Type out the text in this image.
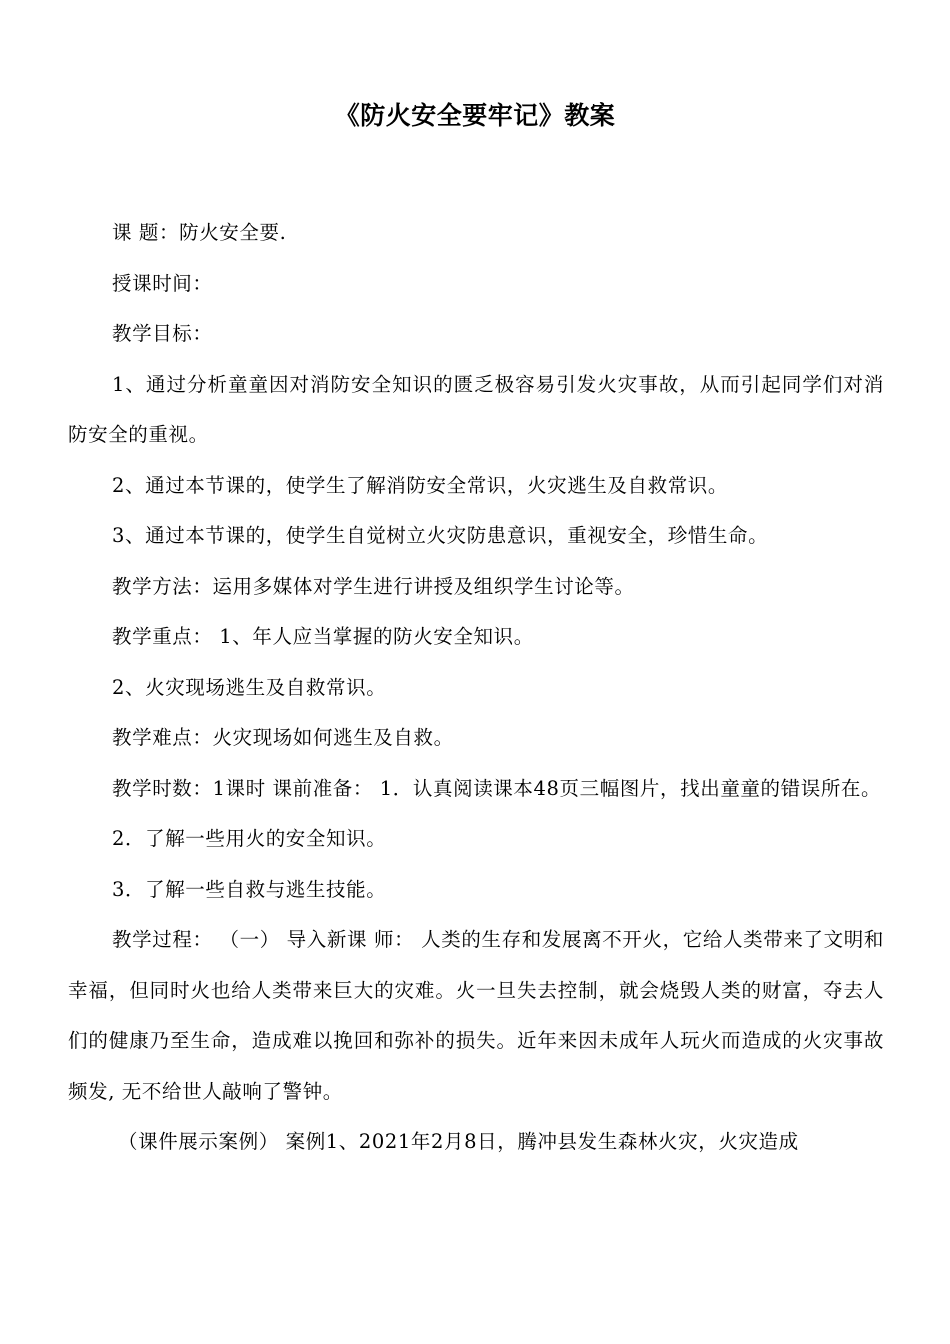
《防火安全要牢记》教案

课 题：防火安全要.

授课时间：

教学目标：

1、通过分析童童因对消防安全知识的匮乏极容易引发火灾事故，从而引起同学们对消防安全的重视。

2、通过本节课的，使学生了解消防安全常识，火灾逃生及自救常识。

3、通过本节课的，使学生自觉树立火灾防患意识，重视安全，珍惜生命。

教学方法：运用多媒体对学生进行讲授及组织学生讨论等。

教学重点： 1、年人应当掌握的防火安全知识。

2、火灾现场逃生及自救常识。

教学难点：火灾现场如何逃生及自救。

教学时数：1课时 课前准备： 1．认真阅读课本48页三幅图片，找出童童的错误所在。

2．了解一些用火的安全知识。

3．了解一些自救与逃生技能。

教学过程： （一） 导入新课 师： 人类的生存和发展离不开火，它给人类带来了文明和幸福，但同时火也给人类带来巨大的灾难。火一旦失去控制，就会烧毁人类的财富，夺去人们的健康乃至生命，造成难以挽回和弥补的损失。近年来因未成年人玩火而造成的火灾事故频发, 无不给世人敲响了警钟。

（课件展示案例） 案例1、2021年2月8日，腾冲县发生森林火灾，火灾造成
